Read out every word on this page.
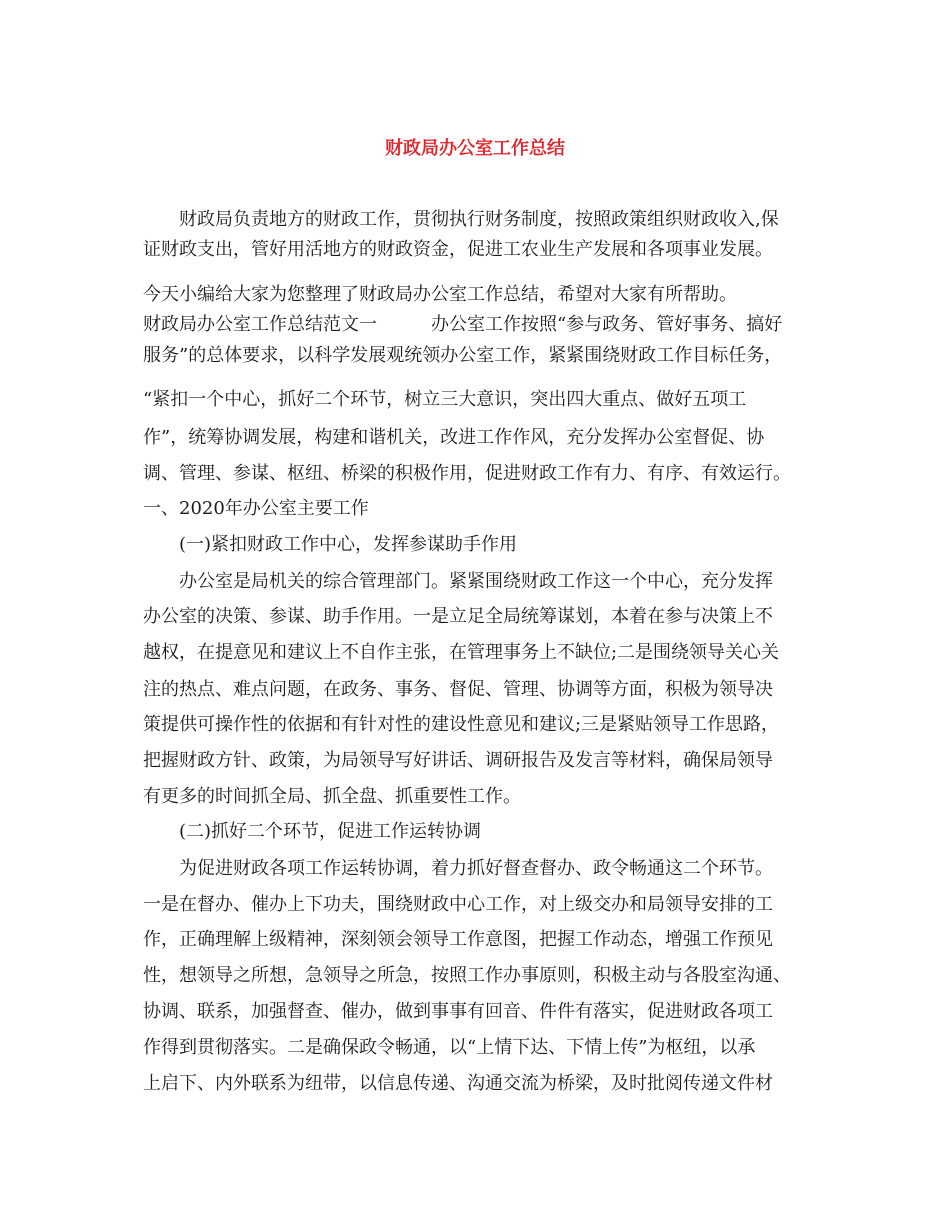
财政局办公室工作总结
　　财政局负责地方的财政工作，贯彻执行财务制度，按照政策组织财政收入,保
证财政支出，管好用活地方的财政资金，促进工农业生产发展和各项事业发展。
今天小编给大家为您整理了财政局办公室工作总结，希望对大家有所帮助。
财政局办公室工作总结范文一　　　办公室工作按照“参与政务、管好事务、搞好
服务”的总体要求，以科学发展观统领办公室工作，紧紧围绕财政工作目标任务，
“紧扣一个中心，抓好二个环节，树立三大意识，突出四大重点、做好五项工
作”，统筹协调发展，构建和谐机关，改进工作作风，充分发挥办公室督促、协
调、管理、参谋、枢纽、桥梁的积极作用，促进财政工作有力、有序、有效运行。
一、2020年办公室主要工作
　　(一)紧扣财政工作中心，发挥参谋助手作用
　　办公室是局机关的综合管理部门。紧紧围绕财政工作这一个中心，充分发挥
办公室的决策、参谋、助手作用。一是立足全局统筹谋划，本着在参与决策上不
越权，在提意见和建议上不自作主张，在管理事务上不缺位;二是围绕领导关心关
注的热点、难点问题，在政务、事务、督促、管理、协调等方面，积极为领导决
策提供可操作性的依据和有针对性的建设性意见和建议;三是紧贴领导工作思路，
把握财政方针、政策，为局领导写好讲话、调研报告及发言等材料，确保局领导
有更多的时间抓全局、抓全盘、抓重要性工作。
　　(二)抓好二个环节，促进工作运转协调
　　为促进财政各项工作运转协调，着力抓好督查督办、政令畅通这二个环节。
一是在督办、催办上下功夫，围绕财政中心工作，对上级交办和局领导安排的工
作，正确理解上级精神，深刻领会领导工作意图，把握工作动态，增强工作预见
性，想领导之所想，急领导之所急，按照工作办事原则，积极主动与各股室沟通、
协调、联系，加强督查、催办，做到事事有回音、件件有落实，促进财政各项工
作得到贯彻落实。二是确保政令畅通，以“上情下达、下情上传”为枢纽，以承
上启下、内外联系为纽带，以信息传递、沟通交流为桥梁，及时批阅传递文件材
